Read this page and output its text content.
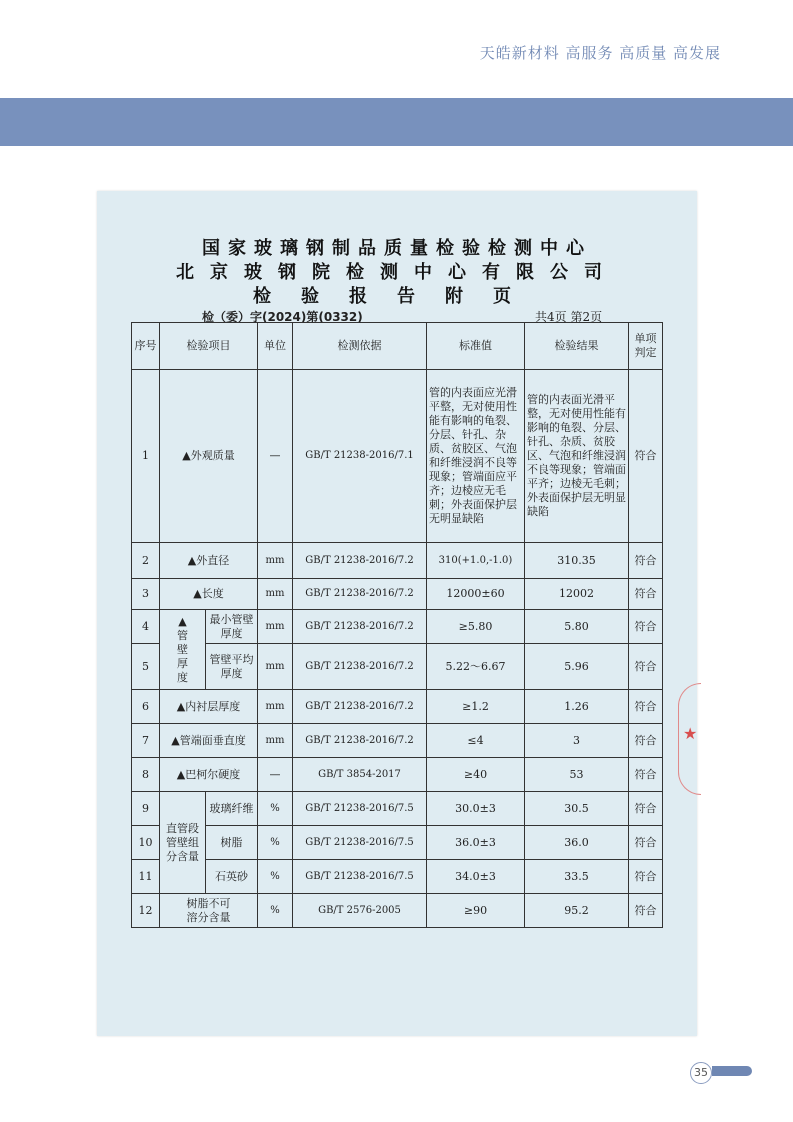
天皓新材料 高服务 高质量 高发展
国家玻璃钢制品质量检验检测中心
北京玻钢院检测中心有限公司
检验报告附页
检（委）字(2024)第(0332)	共4页 第2页
序号	检验项目		单位	检测依据	标准值	检验结果	单项判定
1	▲外观质量		—	GB/T 21238-2016/7.1	管的内表面应光滑平整，无对使用性能有影响的龟裂、分层、针孔、杂质、贫胶区、气泡和纤维浸润不良等现象；管端面应平齐；边棱应无毛刺；外表面保护层无明显缺陷	管的内表面光滑平整，无对使用性能有影响的龟裂、分层、针孔、杂质、贫胶区、气泡和纤维浸润不良等现象；管端面平齐；边棱无毛刺；外表面保护层无明显缺陷	符合
2	▲外直径		mm	GB/T 21238-2016/7.2	310(+1.0,-1.0)	310.35	符合
3	▲长度		mm	GB/T 21238-2016/7.2	12000±60	12002	符合
4	▲管壁厚度	最小管壁厚度	mm	GB/T 21238-2016/7.2	≥5.80	5.80	符合
5		管壁平均厚度	mm	GB/T 21238-2016/7.2	5.22～6.67	5.96	符合
6	▲内衬层厚度		mm	GB/T 21238-2016/7.2	≥1.2	1.26	符合
7	▲管端面垂直度		mm	GB/T 21238-2016/7.2	≤4	3	符合
8	▲巴柯尔硬度		—	GB/T 3854-2017	≥40	53	符合
9	直管段管壁组分含量	玻璃纤维	%	GB/T 21238-2016/7.5	30.0±3	30.5	符合
10		树脂	%	GB/T 21238-2016/7.5	36.0±3	36.0	符合
11		石英砂	%	GB/T 21238-2016/7.5	34.0±3	33.5	符合
12	树脂不可溶分含量		%	GB/T 2576-2005	≥90	95.2	符合
★
35
